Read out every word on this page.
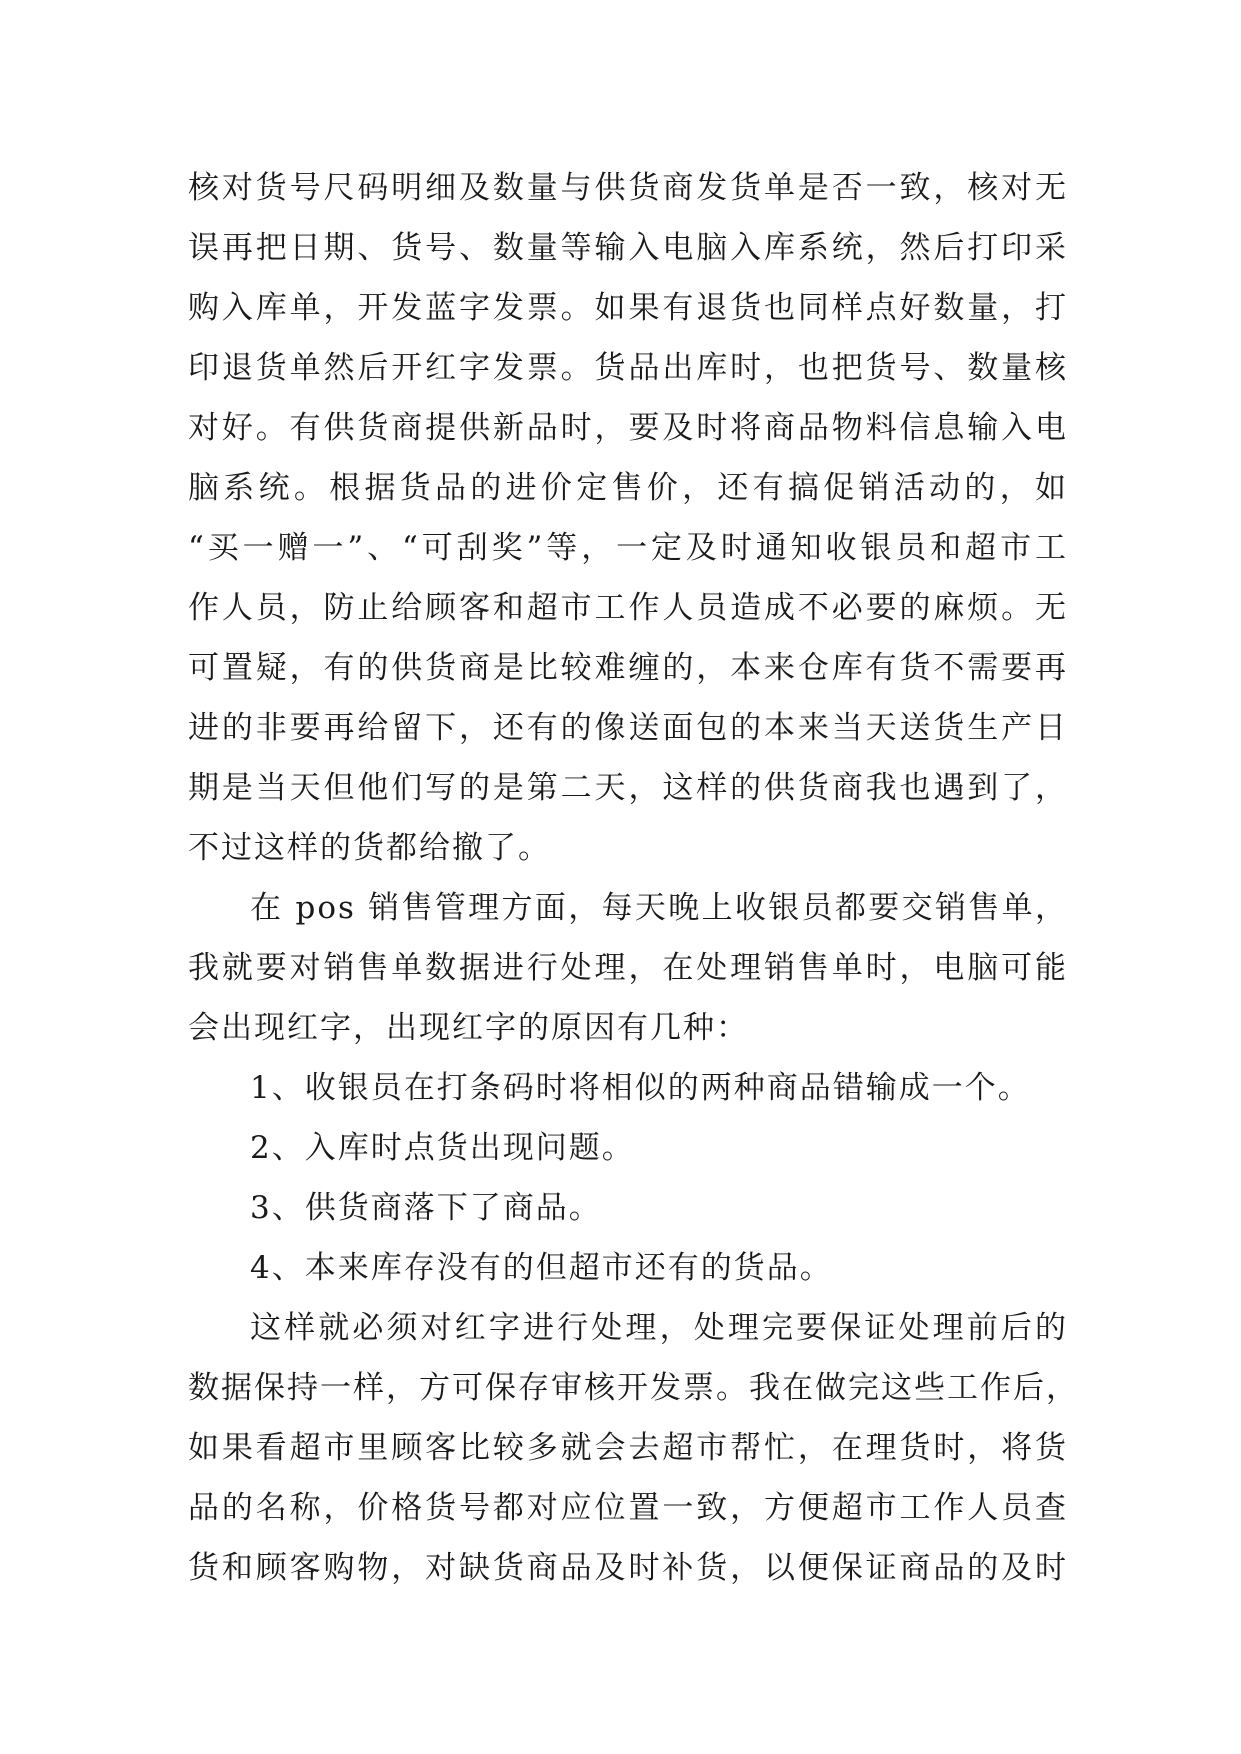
核对货号尺码明细及数量与供货商发货单是否一致，核对无
误再把日期、货号、数量等输入电脑入库系统，然后打印采
购入库单，开发蓝字发票。如果有退货也同样点好数量，打
印退货单然后开红字发票。货品出库时，也把货号、数量核
对好。有供货商提供新品时，要及时将商品物料信息输入电
脑系统。根据货品的进价定售价，还有搞促销活动的，如
“买一赠一”、“可刮奖”等，一定及时通知收银员和超市工
作人员，防止给顾客和超市工作人员造成不必要的麻烦。无
可置疑，有的供货商是比较难缠的，本来仓库有货不需要再
进的非要再给留下，还有的像送面包的本来当天送货生产日
期是当天但他们写的是第二天，这样的供货商我也遇到了，
不过这样的货都给撤了。
在 pos 销售管理方面，每天晚上收银员都要交销售单，
我就要对销售单数据进行处理，在处理销售单时，电脑可能
会出现红字，出现红字的原因有几种：
1、收银员在打条码时将相似的两种商品错输成一个。
2、入库时点货出现问题。
3、供货商落下了商品。
4、本来库存没有的但超市还有的货品。
这样就必须对红字进行处理，处理完要保证处理前后的
数据保持一样，方可保存审核开发票。我在做完这些工作后，
如果看超市里顾客比较多就会去超市帮忙，在理货时，将货
品的名称，价格货号都对应位置一致，方便超市工作人员查
货和顾客购物，对缺货商品及时补货，以便保证商品的及时
